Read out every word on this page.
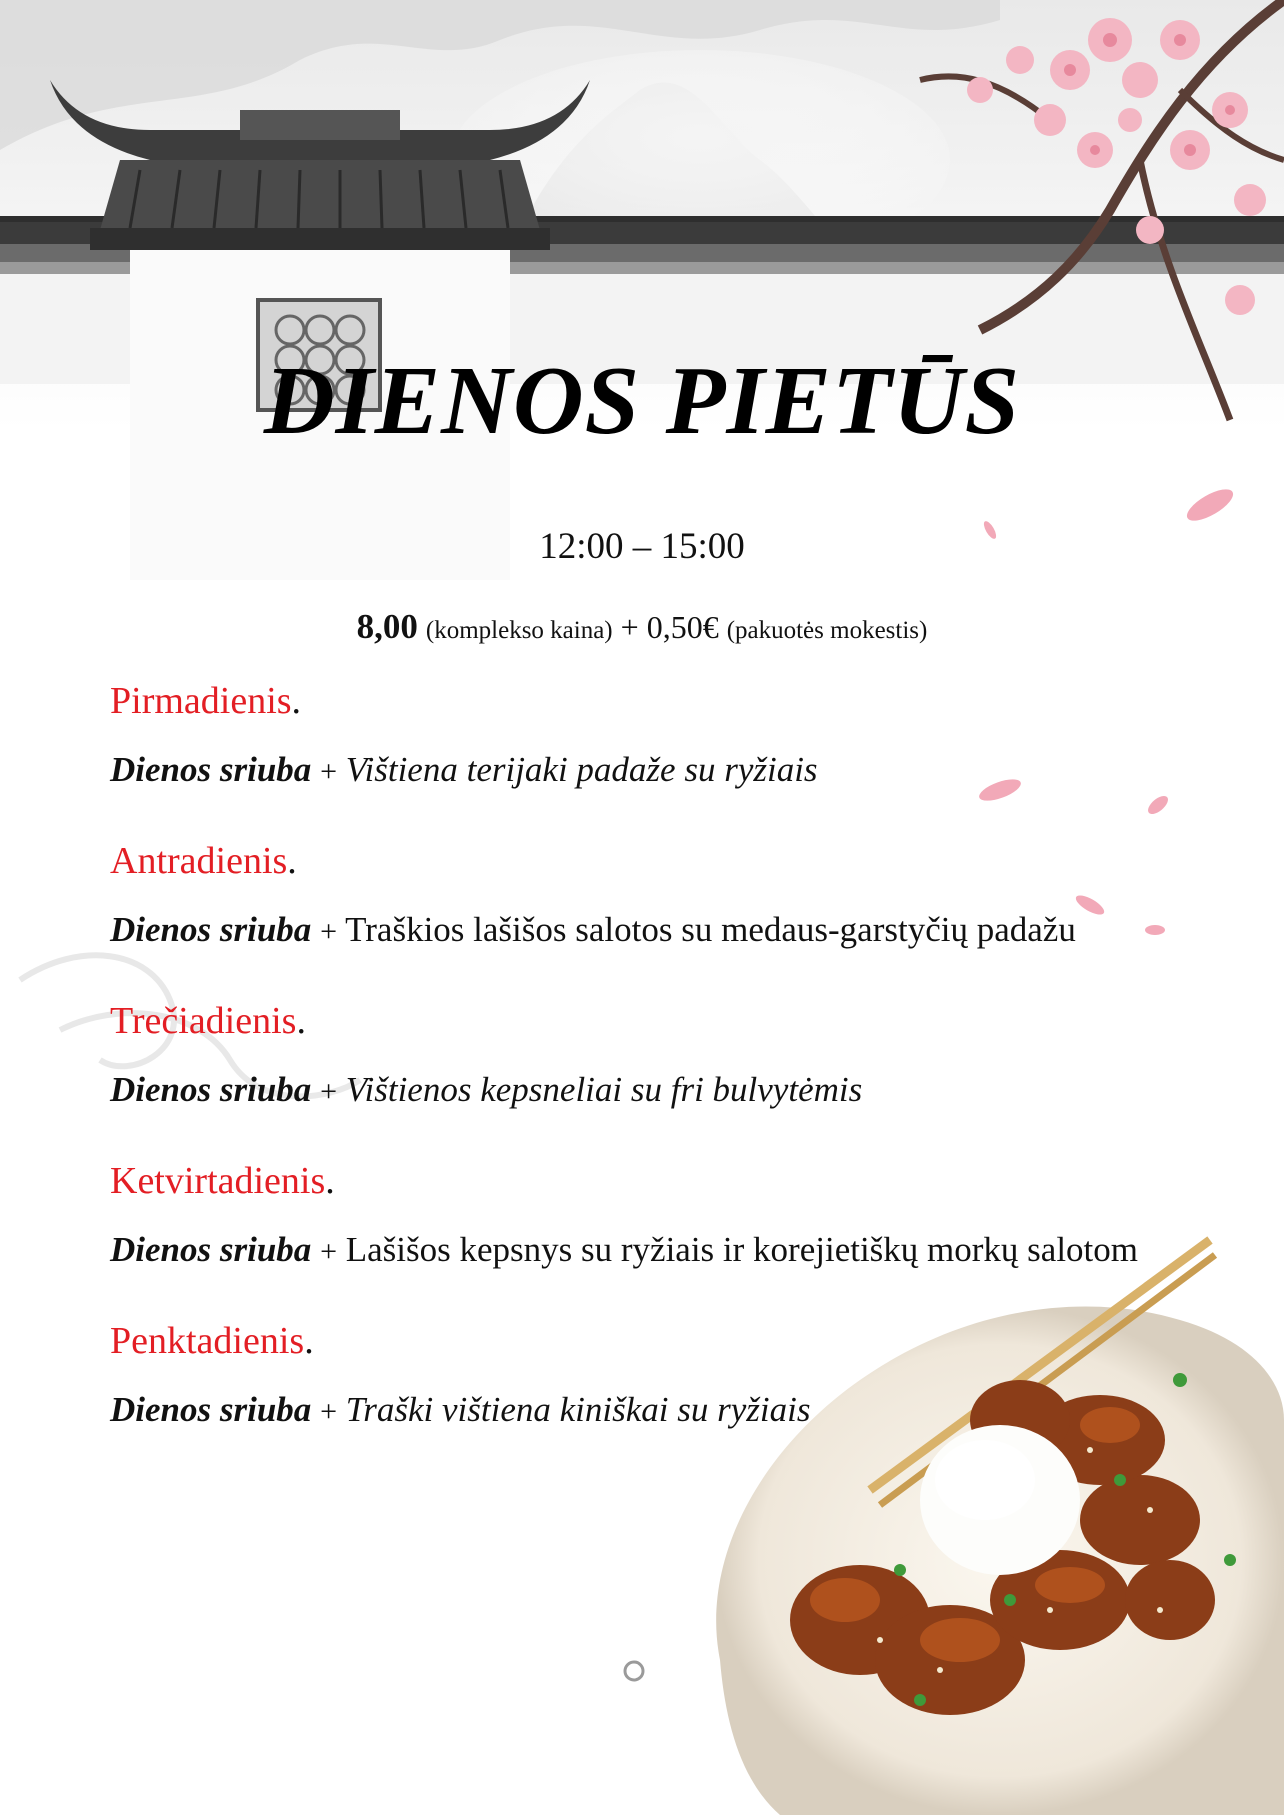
DIENOS PIETŪS
12:00 – 15:00
8,00 (komplekso kaina) + 0,50€ (pakuotės mokestis)
Pirmadienis.
Dienos sriuba + Vištiena terijaki padaže su ryžiais
Antradienis.
Dienos sriuba + Traškios lašišos salotos su medaus-garstyčių padažu
Trečiadienis.
Dienos sriuba + Vištienos kepsneliai su fri bulvytėmis
Ketvirtadienis.
Dienos sriuba + Lašišos kepsnys su ryžiais ir korejietiškų morkų salotom
Penktadienis.
Dienos sriuba + Traški vištiena kiniškai su ryžiais
